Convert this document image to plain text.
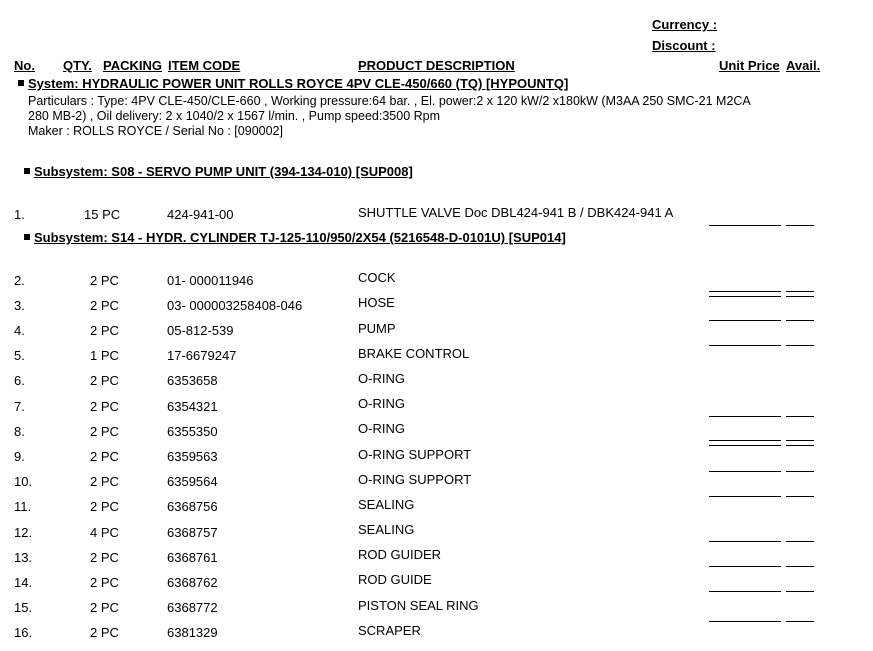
Currency :
Discount :
No. QTY. PACKING ITEM CODE	PRODUCT DESCRIPTION	Unit Price Avail.
System: HYDRAULIC POWER UNIT ROLLS ROYCE 4PV CLE-450/660 (TQ) [HYPOUNTQ]
Particulars : Type: 4PV CLE-450/CLE-660 , Working pressure:64 bar. , El. power:2 x 120 kW/2 x180kW (M3AA 250 SMC-21 M2CA
280 MB-2) , Oil delivery: 2 x 1040/2 x 1567 l/min. , Pump speed:3500 Rpm
Maker : ROLLS ROYCE / Serial No : [090002]
Subsystem: S08 - SERVO PUMP UNIT (394-134-010) [SUP008]
1.	15 PC	424-941-00	SHUTTLE VALVE Doc DBL424-941 B / DBK424-941 A
Subsystem: S14 - HYDR. CYLINDER TJ-125-110/950/2X54 (5216548-D-0101U) [SUP014]
2.	2 PC	01- 000011946	COCK
3.	2 PC	03- 000003258408-046	HOSE
4.	2 PC	05-812-539	PUMP
5.	1 PC	17-6679247	BRAKE CONTROL
6.	2 PC	6353658	O-RING
7.	2 PC	6354321	O-RING
8.	2 PC	6355350	O-RING
9.	2 PC	6359563	O-RING SUPPORT
10.	2 PC	6359564	O-RING SUPPORT
11.	2 PC	6368756	SEALING
12.	4 PC	6368757	SEALING
13.	2 PC	6368761	ROD GUIDER
14.	2 PC	6368762	ROD GUIDE
15.	2 PC	6368772	PISTON SEAL RING
16.	2 PC	6381329	SCRAPER
